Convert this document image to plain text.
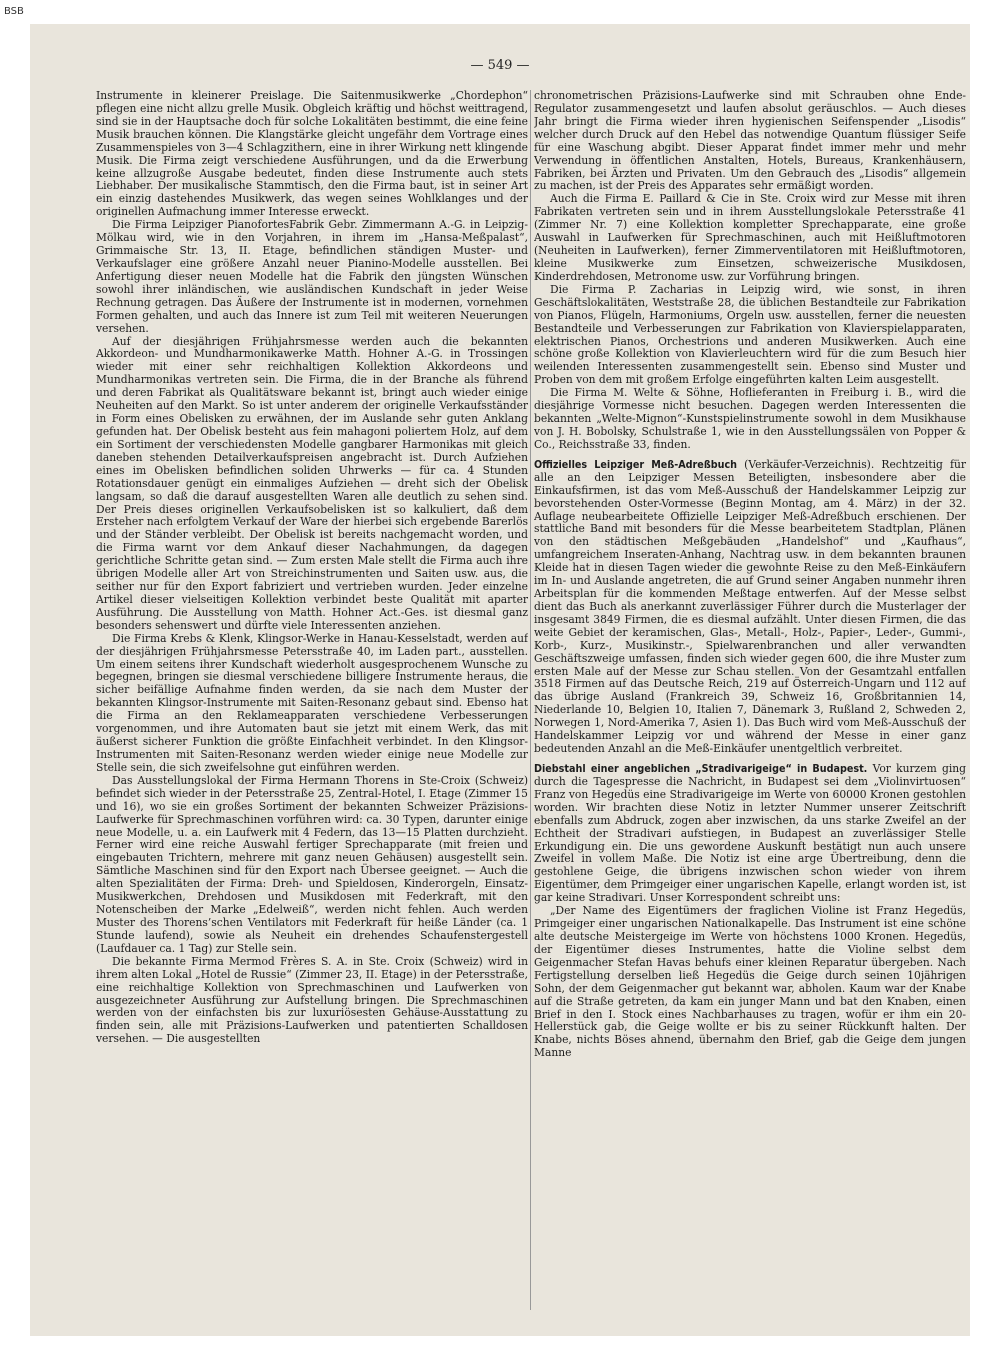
BSB
— 549 —

Instrumente in kleinerer Preislage. Die Saitenmusikwerke „Chordephon“ pflegen eine nicht allzu grelle Musik. Obgleich kräftig und höchst weittragend, sind sie in der Hauptsache doch für solche Lokalitäten bestimmt, die eine feine Musik brauchen können. Die Klangstärke gleicht ungefähr dem Vortrage eines Zusammenspieles von 3—4 Schlagzithern, eine in ihrer Wirkung nett klingende Musik. Die Firma zeigt verschiedene Ausführungen, und da die Erwerbung keine allzugroße Ausgabe bedeutet, finden diese Instrumente auch stets Liebhaber. Der musikalische Stammtisch, den die Firma baut, ist in seiner Art ein einzig dastehendes Musikwerk, das wegen seines Wohlklanges und der originellen Aufmachung immer Interesse erweckt.

Die Firma Leipziger PianofortesFabrik Gebr. Zimmermann A.-G. in Leipzig-Mölkau wird, wie in den Vorjahren, in ihrem im „Hansa-Meßpalast“, Grimmaische Str. 13, II. Etage, befindlichen ständigen Muster- und Verkaufslager eine größere Anzahl neuer Pianino-Modelle ausstellen. Bei Anfertigung dieser neuen Modelle hat die Fabrik den jüngsten Wünschen sowohl ihrer inländischen, wie ausländischen Kundschaft in jeder Weise Rechnung getragen. Das Äußere der Instrumente ist in modernen, vornehmen Formen gehalten, und auch das Innere ist zum Teil mit weiteren Neuerungen versehen.

Auf der diesjährigen Frühjahrsmesse werden auch die bekannten Akkordeon- und Mundharmonikawerke Matth. Hohner A.-G. in Trossingen wieder mit einer sehr reichhaltigen Kollektion Akkordeons und Mundharmonikas vertreten sein. Die Firma, die in der Branche als führend und deren Fabrikat als Qualitätsware bekannt ist, bringt auch wieder einige Neuheiten auf den Markt. So ist unter anderem der originelle Verkaufsständer in Form eines Obelisken zu erwähnen, der im Auslande sehr guten Anklang gefunden hat. Der Obelisk besteht aus fein mahagoni poliertem Holz, auf dem ein Sortiment der verschiedensten Modelle gangbarer Harmonikas mit gleich daneben stehenden Detailverkaufspreisen angebracht ist. Durch Aufziehen eines im Obelisken befindlichen soliden Uhrwerks — für ca. 4 Stunden Rotationsdauer genügt ein einmaliges Aufziehen — dreht sich der Obelisk langsam, so daß die darauf ausgestellten Waren alle deutlich zu sehen sind. Der Preis dieses originellen Verkaufsobelisken ist so kalkuliert, daß dem Ersteher nach erfolgtem Verkauf der Ware der hierbei sich ergebende Barerlös und der Ständer verbleibt. Der Obelisk ist bereits nachgemacht worden, und die Firma warnt vor dem Ankauf dieser Nachahmungen, da dagegen gerichtliche Schritte getan sind. — Zum ersten Male stellt die Firma auch ihre übrigen Modelle aller Art von Streichinstrumenten und Saiten usw. aus, die seither nur für den Export fabriziert und vertrieben wurden. Jeder einzelne Artikel dieser vielseitigen Kollektion verbindet beste Qualität mit aparter Ausführung. Die Ausstellung von Matth. Hohner Act.-Ges. ist diesmal ganz besonders sehenswert und dürfte viele Interessenten anziehen.

Die Firma Krebs & Klenk, Klingsor-Werke in Hanau-Kesselstadt, werden auf der diesjährigen Frühjahrsmesse Petersstraße 40, im Laden part., ausstellen. Um einem seitens ihrer Kundschaft wiederholt ausgesprochenem Wunsche zu begegnen, bringen sie diesmal verschiedene billigere Instrumente heraus, die sicher beifällige Aufnahme finden werden, da sie nach dem Muster der bekannten Klingsor-Instrumente mit Saiten-Resonanz gebaut sind. Ebenso hat die Firma an den Reklameapparaten verschiedene Verbesserungen vorgenommen, und ihre Automaten baut sie jetzt mit einem Werk, das mit äußerst sicherer Funktion die größte Einfachheit verbindet. In den Klingsor-Instrumenten mit Saiten-Resonanz werden wieder einige neue Modelle zur Stelle sein, die sich zweifelsohne gut einführen werden.

Das Ausstellungslokal der Firma Hermann Thorens in Ste-Croix (Schweiz) befindet sich wieder in der Petersstraße 25, Zentral-Hotel, I. Etage (Zimmer 15 und 16), wo sie ein großes Sortiment der bekannten Schweizer Präzisions-Laufwerke für Sprechmaschinen vorführen wird: ca. 30 Typen, darunter einige neue Modelle, u. a. ein Laufwerk mit 4 Federn, das 13—15 Platten durchzieht. Ferner wird eine reiche Auswahl fertiger Sprechapparate (mit freien und eingebauten Trichtern, mehrere mit ganz neuen Gehäusen) ausgestellt sein. Sämtliche Maschinen sind für den Export nach Übersee geeignet. — Auch die alten Spezialitäten der Firma: Dreh- und Spieldosen, Kinderorgeln, Einsatz-Musikwerkchen, Drehdosen und Musikdosen mit Federkraft, mit den Notenscheiben der Marke „Edelweiß“, werden nicht fehlen. Auch werden Muster des Thorens’schen Ventilators mit Federkraft für heiße Länder (ca. 1 Stunde laufend), sowie als Neuheit ein drehendes Schaufenstergestell (Laufdauer ca. 1 Tag) zur Stelle sein.

Die bekannte Firma Mermod Frères S. A. in Ste. Croix (Schweiz) wird in ihrem alten Lokal „Hotel de Russie“ (Zimmer 23, II. Etage) in der Petersstraße, eine reichhaltige Kollektion von Sprechmaschinen und Laufwerken von ausgezeichneter Ausführung zur Aufstellung bringen. Die Sprechmaschinen werden von der einfachsten bis zur luxuriösesten Gehäuse-Ausstattung zu finden sein, alle mit Präzisions-Laufwerken und patentierten Schalldosen versehen. — Die ausgestellten

chronometrischen Präzisions-Laufwerke sind mit Schrauben ohne Ende-Regulator zusammengesetzt und laufen absolut geräuschlos. — Auch dieses Jahr bringt die Firma wieder ihren hygienischen Seifenspender „Lisodis“ welcher durch Druck auf den Hebel das notwendige Quantum flüssiger Seife für eine Waschung abgibt. Dieser Apparat findet immer mehr und mehr Verwendung in öffentlichen Anstalten, Hotels, Bureaus, Krankenhäusern, Fabriken, bei Ärzten und Privaten. Um den Gebrauch des „Lisodis“ allgemein zu machen, ist der Preis des Apparates sehr ermäßigt worden.

Auch die Firma E. Paillard & Cie in Ste. Croix wird zur Messe mit ihren Fabrikaten vertreten sein und in ihrem Ausstellungslokale Petersstraße 41 (Zimmer Nr. 7) eine Kollektion kompletter Sprechapparate, eine große Auswahl in Laufwerken für Sprechmaschinen, auch mit Heißluftmotoren (Neuheiten in Laufwerken), ferner Zimmerventilatoren mit Heißluftmotoren, kleine Musikwerke zum Einsetzen, schweizerische Musikdosen, Kinderdrehdosen, Metronome usw. zur Vorführung bringen.

Die Firma P. Zacharias in Leipzig wird, wie sonst, in ihren Geschäftslokalitäten, Weststraße 28, die üblichen Bestandteile zur Fabrikation von Pianos, Flügeln, Harmoniums, Orgeln usw. ausstellen, ferner die neuesten Bestandteile und Verbesserungen zur Fabrikation von Klavierspielapparaten, elektrischen Pianos, Orchestrions und anderen Musikwerken. Auch eine schöne große Kollektion von Klavierleuchtern wird für die zum Besuch hier weilenden Interessenten zusammengestellt sein. Ebenso sind Muster und Proben von dem mit großem Erfolge eingeführten kalten Leim ausgestellt.

Die Firma M. Welte & Söhne, Hoflieferanten in Freiburg i. B., wird die diesjährige Vormesse nicht besuchen. Dagegen werden Interessenten die bekannten „Welte-Mignon“-Kunstspielinstrumente sowohl in dem Musikhause von J. H. Bobolsky, Schulstraße 1, wie in den Ausstellungssälen von Popper & Co., Reichsstraße 33, finden.

Offizielles Leipziger Meß-Adreßbuch (Verkäufer-Verzeichnis). Rechtzeitig für alle an den Leipziger Messen Beteiligten, insbesondere aber die Einkaufsfirmen, ist das vom Meß-Ausschuß der Handelskammer Leipzig zur bevorstehenden Oster-Vormesse (Beginn Montag, am 4. März) in der 32. Auflage neubearbeitete Offizielle Leipziger Meß-Adreßbuch erschienen. Der stattliche Band mit besonders für die Messe bearbeitetem Stadtplan, Plänen von den städtischen Meßgebäuden „Handelshof“ und „Kaufhaus“, umfangreichem Inseraten-Anhang, Nachtrag usw. in dem bekannten braunen Kleide hat in diesen Tagen wieder die gewohnte Reise zu den Meß-Einkäufern im In- und Auslande angetreten, die auf Grund seiner Angaben nunmehr ihren Arbeitsplan für die kommenden Meßtage entwerfen. Auf der Messe selbst dient das Buch als anerkannt zuverlässiger Führer durch die Musterlager der insgesamt 3849 Firmen, die es diesmal aufzählt. Unter diesen Firmen, die das weite Gebiet der keramischen, Glas-, Metall-, Holz-, Papier-, Leder-, Gummi-, Korb-, Kurz-, Musikinstr.-, Spielwarenbranchen und aller verwandten Geschäftszweige umfassen, finden sich wieder gegen 600, die ihre Muster zum ersten Male auf der Messe zur Schau stellen. Von der Gesamtzahl entfallen 3518 Firmen auf das Deutsche Reich, 219 auf Österreich-Ungarn und 112 auf das übrige Ausland (Frankreich 39, Schweiz 16, Großbritannien 14, Niederlande 10, Belgien 10, Italien 7, Dänemark 3, Rußland 2, Schweden 2, Norwegen 1, Nord-Amerika 7, Asien 1). Das Buch wird vom Meß-Ausschuß der Handelskammer Leipzig vor und während der Messe in einer ganz bedeutenden Anzahl an die Meß-Einkäufer unentgeltlich verbreitet.

Diebstahl einer angeblichen „Stradivarigeige“ in Budapest. Vor kurzem ging durch die Tagespresse die Nachricht, in Budapest sei dem „Violinvirtuosen“ Franz von Hegedüs eine Stradivarigeige im Werte von 60000 Kronen gestohlen worden. Wir brachten diese Notiz in letzter Nummer unserer Zeitschrift ebenfalls zum Abdruck, zogen aber inzwischen, da uns starke Zweifel an der Echtheit der Stradivari aufstiegen, in Budapest an zuverlässiger Stelle Erkundigung ein. Die uns gewordene Auskunft bestätigt nun auch unsere Zweifel in vollem Maße. Die Notiz ist eine arge Übertreibung, denn die gestohlene Geige, die übrigens inzwischen schon wieder von ihrem Eigentümer, dem Primgeiger einer ungarischen Kapelle, erlangt worden ist, ist gar keine Stradivari. Unser Korrespondent schreibt uns:

„Der Name des Eigentümers der fraglichen Violine ist Franz Hegedüs, Primgeiger einer ungarischen Nationalkapelle. Das Instrument ist eine schöne alte deutsche Meistergeige im Werte von höchstens 1000 Kronen. Hegedüs, der Eigentümer dieses Instrumentes, hatte die Violine selbst dem Geigenmacher Stefan Havas behufs einer kleinen Reparatur übergeben. Nach Fertigstellung derselben ließ Hegedüs die Geige durch seinen 10jährigen Sohn, der dem Geigenmacher gut bekannt war, abholen. Kaum war der Knabe auf die Straße getreten, da kam ein junger Mann und bat den Knaben, einen Brief in den I. Stock eines Nachbarhauses zu tragen, wofür er ihm ein 20-Hellerstück gab, die Geige wollte er bis zu seiner Rückkunft halten. Der Knabe, nichts Böses ahnend, übernahm den Brief, gab die Geige dem jungen Manne
